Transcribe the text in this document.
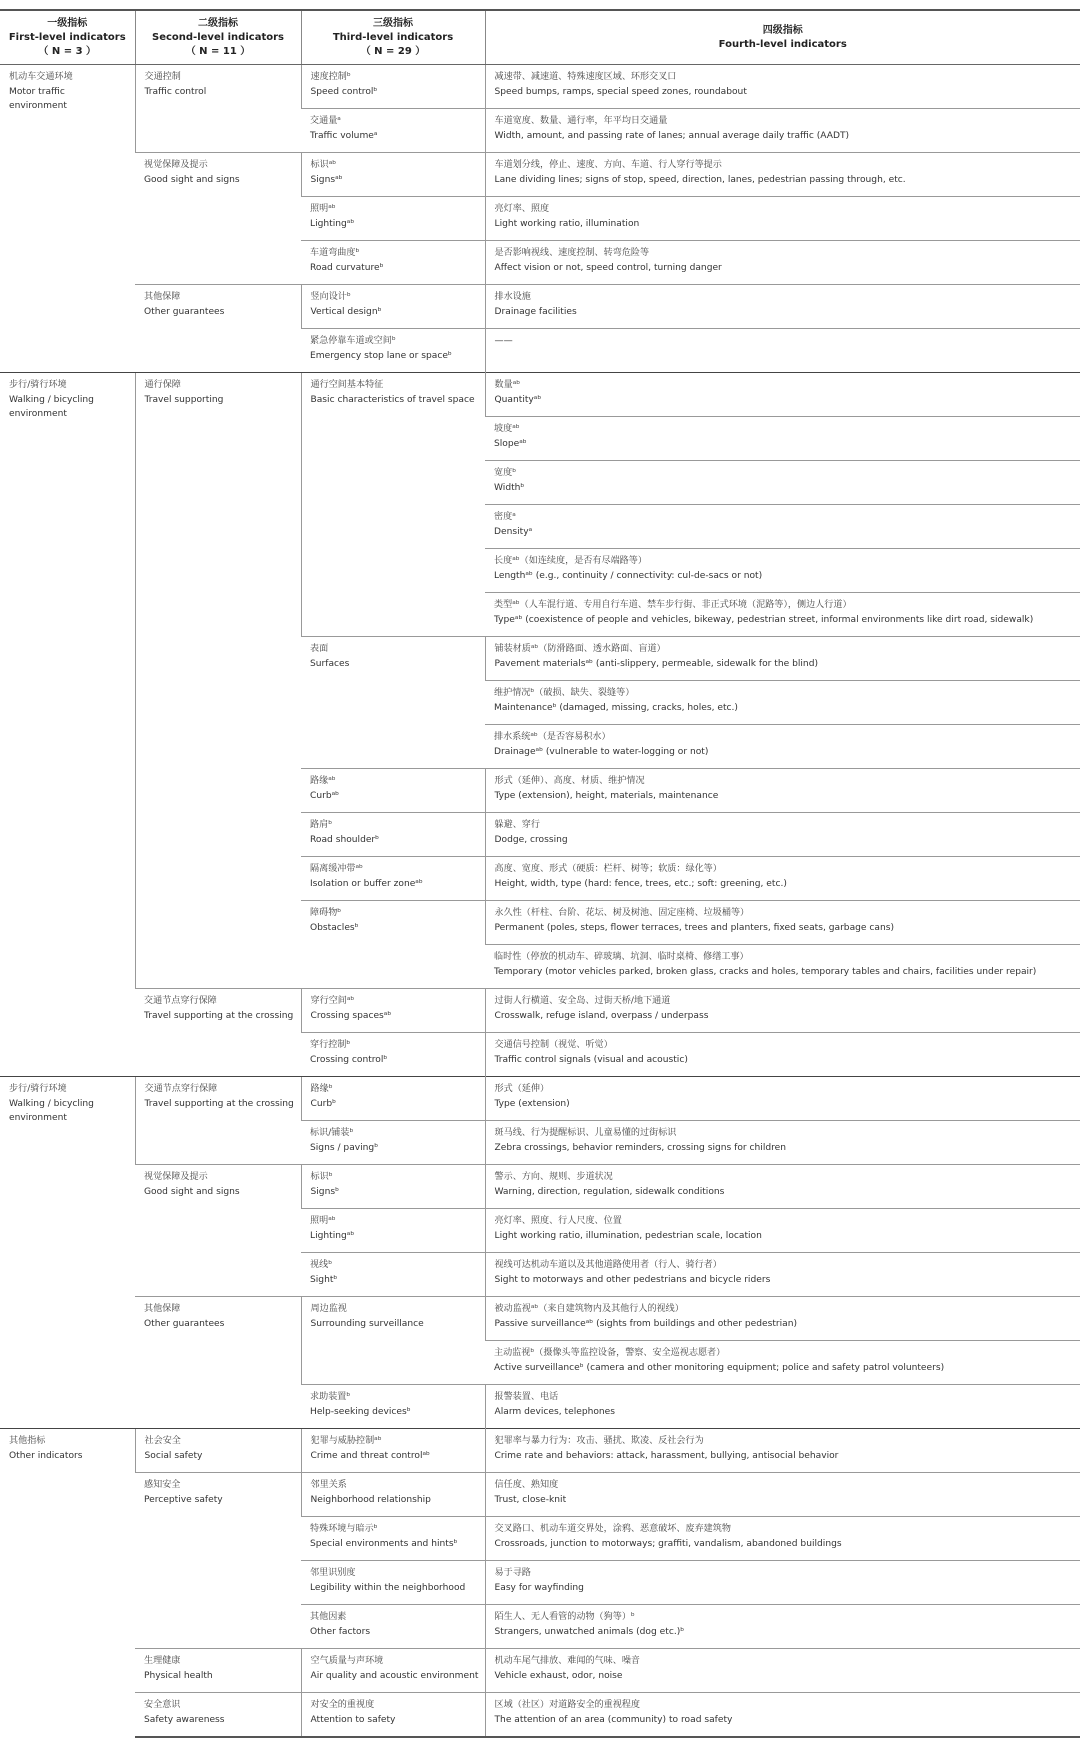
一级指标
First-level indicators
（ N = 3 ）	二级指标
Second-level indicators
（ N = 11 ）	三级指标
Third-level indicators
（ N = 29 ）	四级指标
Fourth-level indicators

机动车交通环境
Motor traffic
environment	交通控制
Traffic control	速度控制ᵇ
Speed controlᵇ	减速带、减速道、特殊速度区域、环形交叉口
Speed bumps, ramps, special speed zones, roundabout

		交通量ᵃ
Traffic volumeᵃ	车道宽度、数量、通行率，年平均日交通量
Width, amount, and passing rate of lanes; annual average daily traffic (AADT)

	视觉保障及提示
Good sight and signs	标识ᵃᵇ
Signsᵃᵇ	车道划分线，停止、速度、方向、车道、行人穿行等提示
Lane dividing lines; signs of stop, speed, direction, lanes, pedestrian passing through, etc.

		照明ᵃᵇ
Lightingᵃᵇ	亮灯率、照度
Light working ratio, illumination

		车道弯曲度ᵇ
Road curvatureᵇ	是否影响视线、速度控制、转弯危险等
Affect vision or not, speed control, turning danger

	其他保障
Other guarantees	竖向设计ᵇ
Vertical designᵇ	排水设施
Drainage facilities

		紧急停靠车道或空间ᵇ
Emergency stop lane or spaceᵇ	——

步行/骑行环境
Walking / bicycling
environment	通行保障
Travel supporting	通行空间基本特征
Basic characteristics of travel space	数量ᵃᵇ
Quantityᵃᵇ

			坡度ᵃᵇ
Slopeᵃᵇ

			宽度ᵇ
Widthᵇ

			密度ᵃ
Densityᵃ

			长度ᵃᵇ（如连续度，是否有尽端路等）
Lengthᵃᵇ (e.g., continuity / connectivity: cul-de-sacs or not)

			类型ᵃᵇ（人车混行道、专用自行车道、禁车步行街、非正式环境（泥路等），侧边人行道）
Typeᵃᵇ (coexistence of people and vehicles, bikeway, pedestrian street, informal environments like dirt road, sidewalk)

		表面
Surfaces	铺装材质ᵃᵇ（防滑路面、透水路面、盲道）
Pavement materialsᵃᵇ (anti-slippery, permeable, sidewalk for the blind)

			维护情况ᵇ（破损、缺失、裂缝等）
Maintenanceᵇ (damaged, missing, cracks, holes, etc.)

			排水系统ᵃᵇ（是否容易积水）
Drainageᵃᵇ (vulnerable to water-logging or not)

		路缘ᵃᵇ
Curbᵃᵇ	形式（延伸）、高度、材质、维护情况
Type (extension), height, materials, maintenance

		路肩ᵇ
Road shoulderᵇ	躲避、穿行
Dodge, crossing

		隔离缓冲带ᵃᵇ
Isolation or buffer zoneᵃᵇ	高度、宽度、形式（硬质：栏杆、树等；软质：绿化等）
Height, width, type (hard: fence, trees, etc.; soft: greening, etc.)

		障碍物ᵇ
Obstaclesᵇ	永久性（杆柱、台阶、花坛、树及树池、固定座椅、垃圾桶等）
Permanent (poles, steps, flower terraces, trees and planters, fixed seats, garbage cans)

			临时性（停放的机动车、碎玻璃、坑洞、临时桌椅、修缮工事）
Temporary (motor vehicles parked, broken glass, cracks and holes, temporary tables and chairs, facilities under repair)

	交通节点穿行保障
Travel supporting at the crossing	穿行空间ᵃᵇ
Crossing spacesᵃᵇ	过街人行横道、安全岛、过街天桥/地下通道
Crosswalk, refuge island, overpass / underpass

		穿行控制ᵇ
Crossing controlᵇ	交通信号控制（视觉、听觉）
Traffic control signals (visual and acoustic)

步行/骑行环境
Walking / bicycling
environment	交通节点穿行保障
Travel supporting at the crossing	路缘ᵇ
Curbᵇ	形式（延伸）
Type (extension)

		标识/铺装ᵇ
Signs / pavingᵇ	斑马线、行为提醒标识、儿童易懂的过街标识
Zebra crossings, behavior reminders, crossing signs for children

	视觉保障及提示
Good sight and signs	标识ᵇ
Signsᵇ	警示、方向、规则、步道状况
Warning, direction, regulation, sidewalk conditions

		照明ᵃᵇ
Lightingᵃᵇ	亮灯率、照度、行人尺度、位置
Light working ratio, illumination, pedestrian scale, location

		视线ᵇ
Sightᵇ	视线可达机动车道以及其他道路使用者（行人、骑行者）
Sight to motorways and other pedestrians and bicycle riders

	其他保障
Other guarantees	周边监视
Surrounding surveillance	被动监视ᵃᵇ（来自建筑物内及其他行人的视线）
Passive surveillanceᵃᵇ (sights from buildings and other pedestrian)

			主动监视ᵇ（摄像头等监控设备，警察、安全巡视志愿者）
Active surveillanceᵇ (camera and other monitoring equipment; police and safety patrol volunteers)

		求助装置ᵇ
Help-seeking devicesᵇ	报警装置、电话
Alarm devices, telephones

其他指标
Other indicators	社会安全
Social safety	犯罪与威胁控制ᵃᵇ
Crime and threat controlᵃᵇ	犯罪率与暴力行为：攻击、骚扰、欺凌、反社会行为
Crime rate and behaviors: attack, harassment, bullying, antisocial behavior

	感知安全
Perceptive safety	邻里关系
Neighborhood relationship	信任度、熟知度
Trust, close-knit

		特殊环境与暗示ᵇ
Special environments and hintsᵇ	交叉路口、机动车道交界处，涂鸦、恶意破坏、废弃建筑物
Crossroads, junction to motorways; graffiti, vandalism, abandoned buildings

		邻里识别度
Legibility within the neighborhood	易于寻路
Easy for wayfinding

		其他因素
Other factors	陌生人、无人看管的动物（狗等）ᵇ
Strangers, unwatched animals (dog etc.)ᵇ

	生理健康
Physical health	空气质量与声环境
Air quality and acoustic environment	机动车尾气排放、难闻的气味、噪音
Vehicle exhaust, odor, noise

	安全意识
Safety awareness	对安全的重视度
Attention to safety	区域（社区）对道路安全的重视程度
The attention of an area (community) to road safety
